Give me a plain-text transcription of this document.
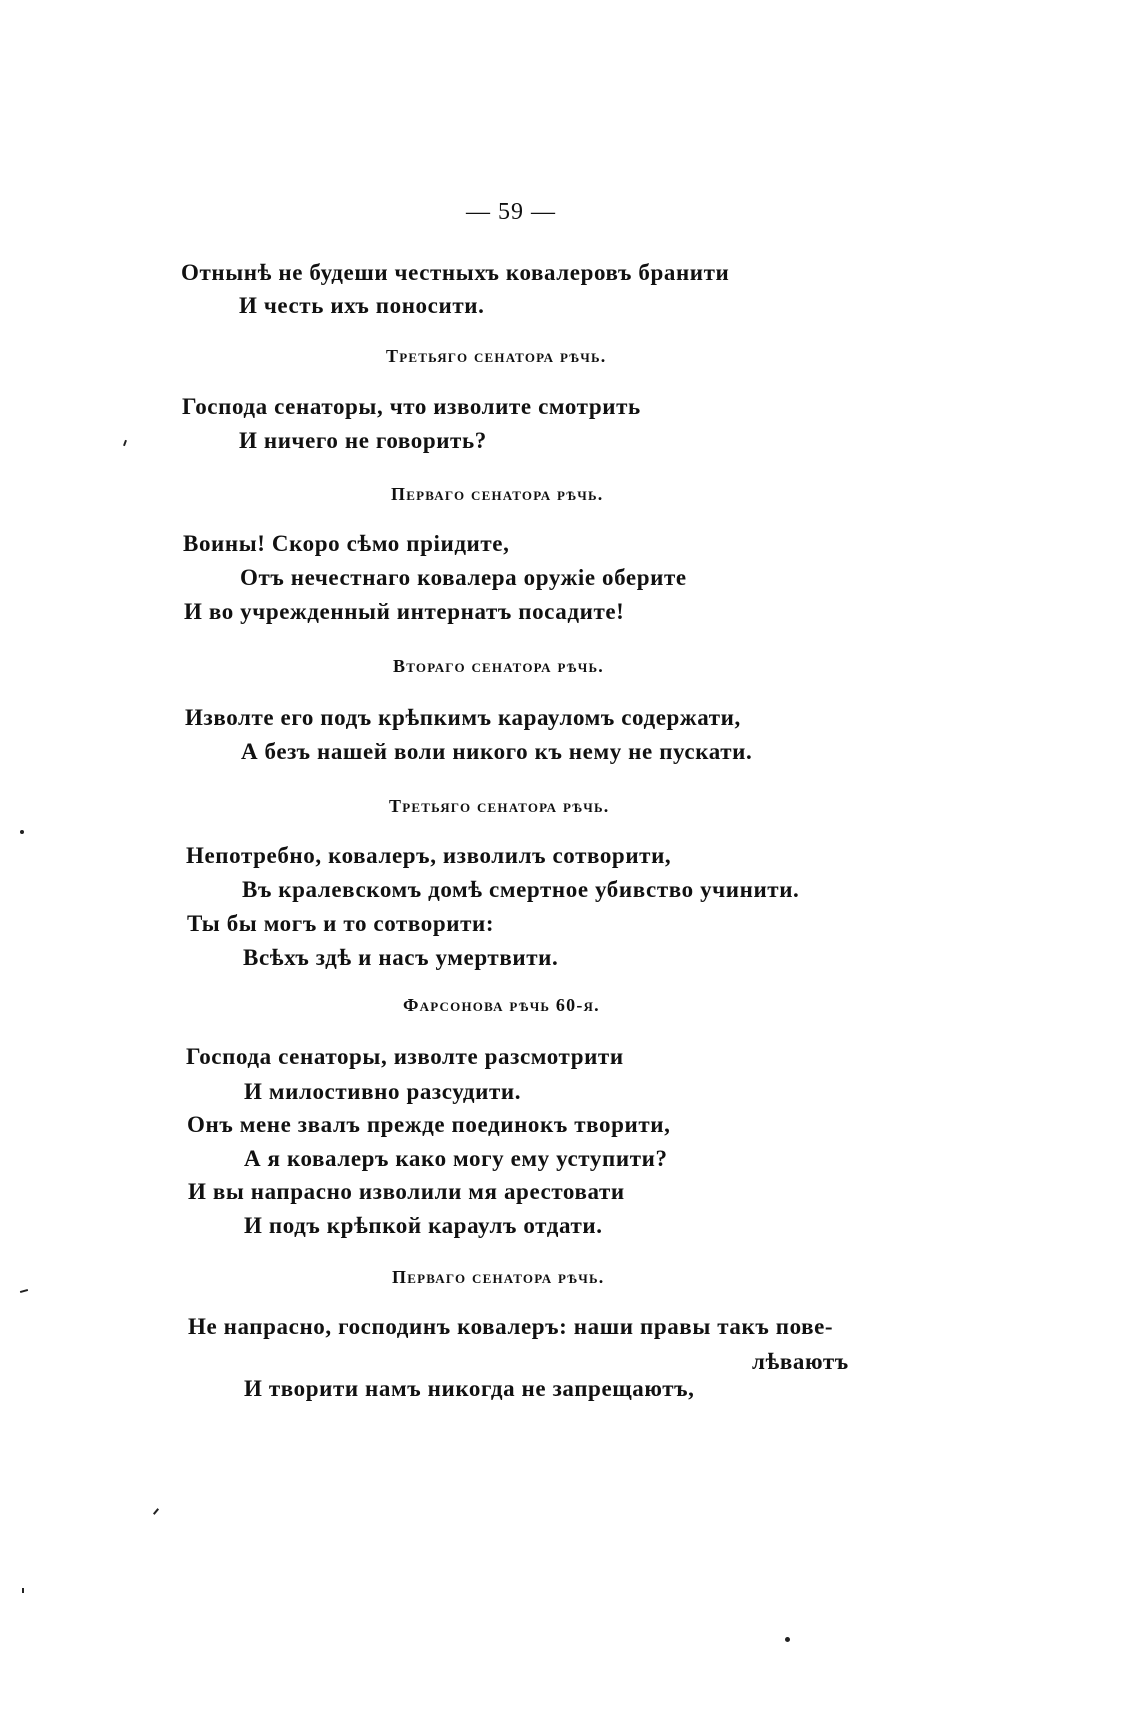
— 59 —
Отнынѣ не будеши честныхъ ковалеровъ бранити
И честь ихъ поносити.
Третьяго сенатора рѣчь.
Господа сенаторы, что изволите смотрить
И ничего не говорить?
Перваго сенатора рѣчь.
Воины! Скоро сѣмо пріидите,
Отъ нечестнаго ковалера оружіе оберите
И во учрежденный интернатъ посадите!
Втораго сенатора рѣчь.
Изволте его подъ крѣпкимъ карауломъ содержати,
А безъ нашей воли никого къ нему не пускати.
Третьяго сенатора рѣчь.
Непотребно, ковалеръ, изволилъ сотворити,
Въ кралевскомъ домѣ смертное убивство учинити.
Ты бы могъ и то сотворити:
Всѣхъ здѣ и насъ умертвити.
Фарсонова рѣчь 60-я.
Господа сенаторы, изволте разсмотрити
И милостивно разсудити.
Онъ мене звалъ прежде поединокъ творити,
А я ковалеръ како могу ему уступити?
И вы напрасно изволили мя арестовати
И подъ крѣпкой караулъ отдати.
Перваго сенатора рѣчь.
Не напрасно, господинъ ковалеръ: наши правы такъ пове-
лѣваютъ
И творити намъ никогда не запрещаютъ,
